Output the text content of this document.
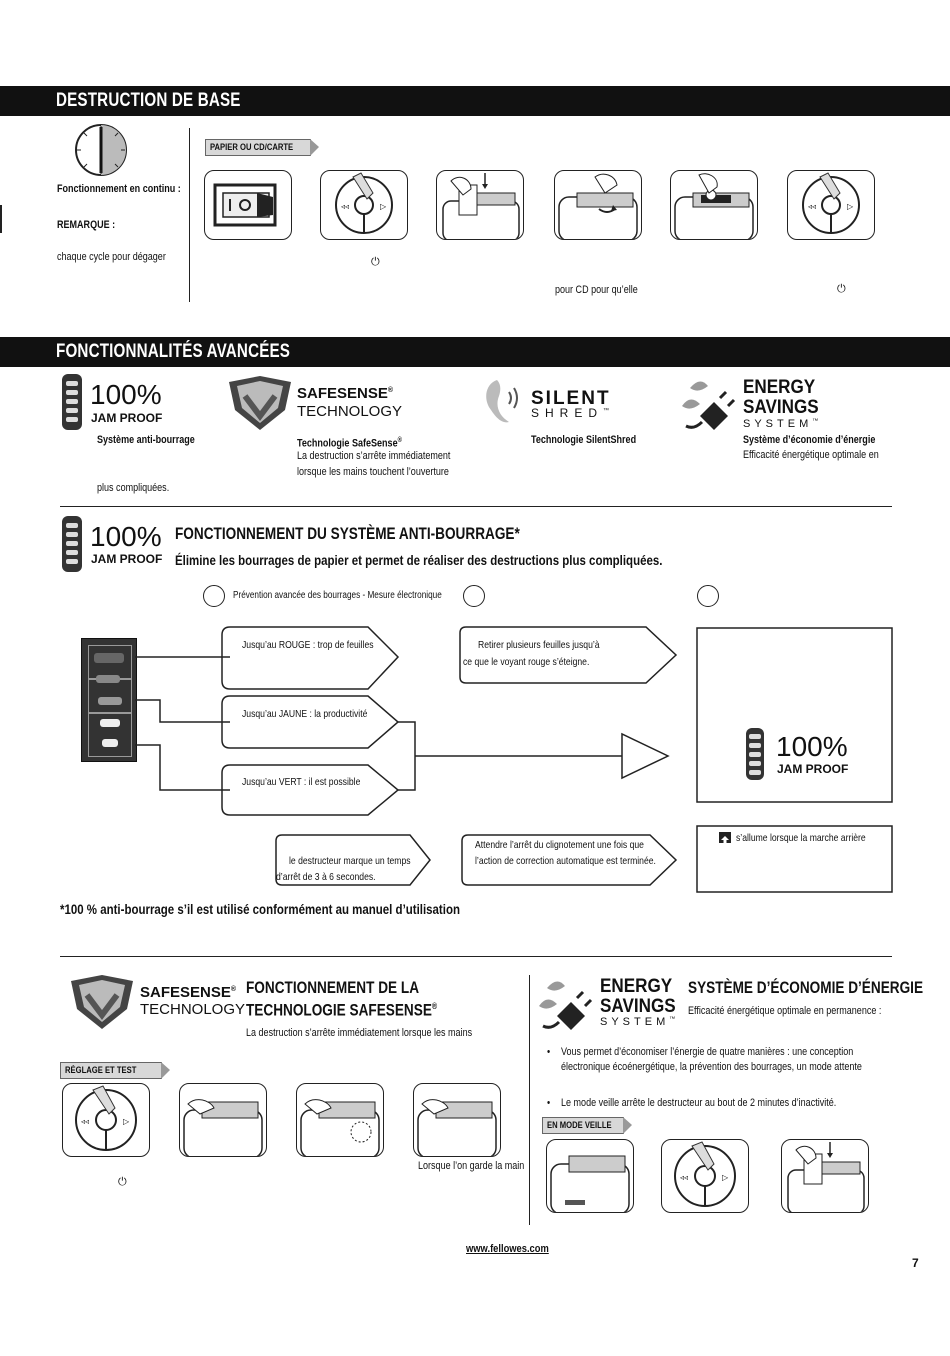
DESTRUCTION DE BASE
Fonctionnement en continu :
REMARQUE :
chaque cycle pour dégager
PAPIER OU CD/CARTE
◃◃	▷	◃◃	▷
⏻
pour CD pour qu’elle	⏻
FONCTIONNALITÉS AVANCÉES
100%
JAM PROOF
Système anti-bourrage
plus compliquées.
SAFESENSE®
TECHNOLOGY
Technologie SafeSense®
La destruction s’arrête immédiatement
lorsque les mains touchent l’ouverture
SILENT
SHRED™
Technologie SilentShred
ENERGY
SAVINGS
SYSTEM™
Système d’économie d’énergie
Efficacité énergétique optimale en
100%
JAM PROOF
FONCTIONNEMENT DU SYSTÈME ANTI-BOURRAGE*
Élimine les bourrages de papier et permet de réaliser des destructions plus compliquées.
Prévention avancée des bourrages - Mesure électronique
Jusqu’au ROUGE : trop de feuilles
Jusqu’au JAUNE : la productivité
Jusqu’au VERT : il est possible
Retirer plusieurs feuilles jusqu’à
ce que le voyant rouge s’éteigne.
le destructeur marque un temps
d’arrêt de 3 à 6 secondes.
Attendre l’arrêt du clignotement une fois que
l’action de correction automatique est terminée.
100%
JAM PROOF
s’allume lorsque la marche arrière
*100 % anti-bourrage s’il est utilisé conformément au manuel d’utilisation
SAFESENSE®
TECHNOLOGY
FONCTIONNEMENT DE LA
TECHNOLOGIE SAFESENSE®
La destruction s’arrête immédiatement lorsque les mains
RÉGLAGE ET TEST
◃◃	▷
⏻
Lorsque l’on garde la main
ENERGY
SAVINGS
SYSTEM™
SYSTÈME D’ÉCONOMIE D’ÉNERGIE
Efficacité énergétique optimale en permanence :
• Vous permet d’économiser l’énergie de quatre manières : une conception
électronique écoénergétique, la prévention des bourrages, un mode attente
• Le mode veille arrête le destructeur au bout de 2 minutes d’inactivité.
EN MODE VEILLE
◃◃	▷
www.fellowes.com
7
